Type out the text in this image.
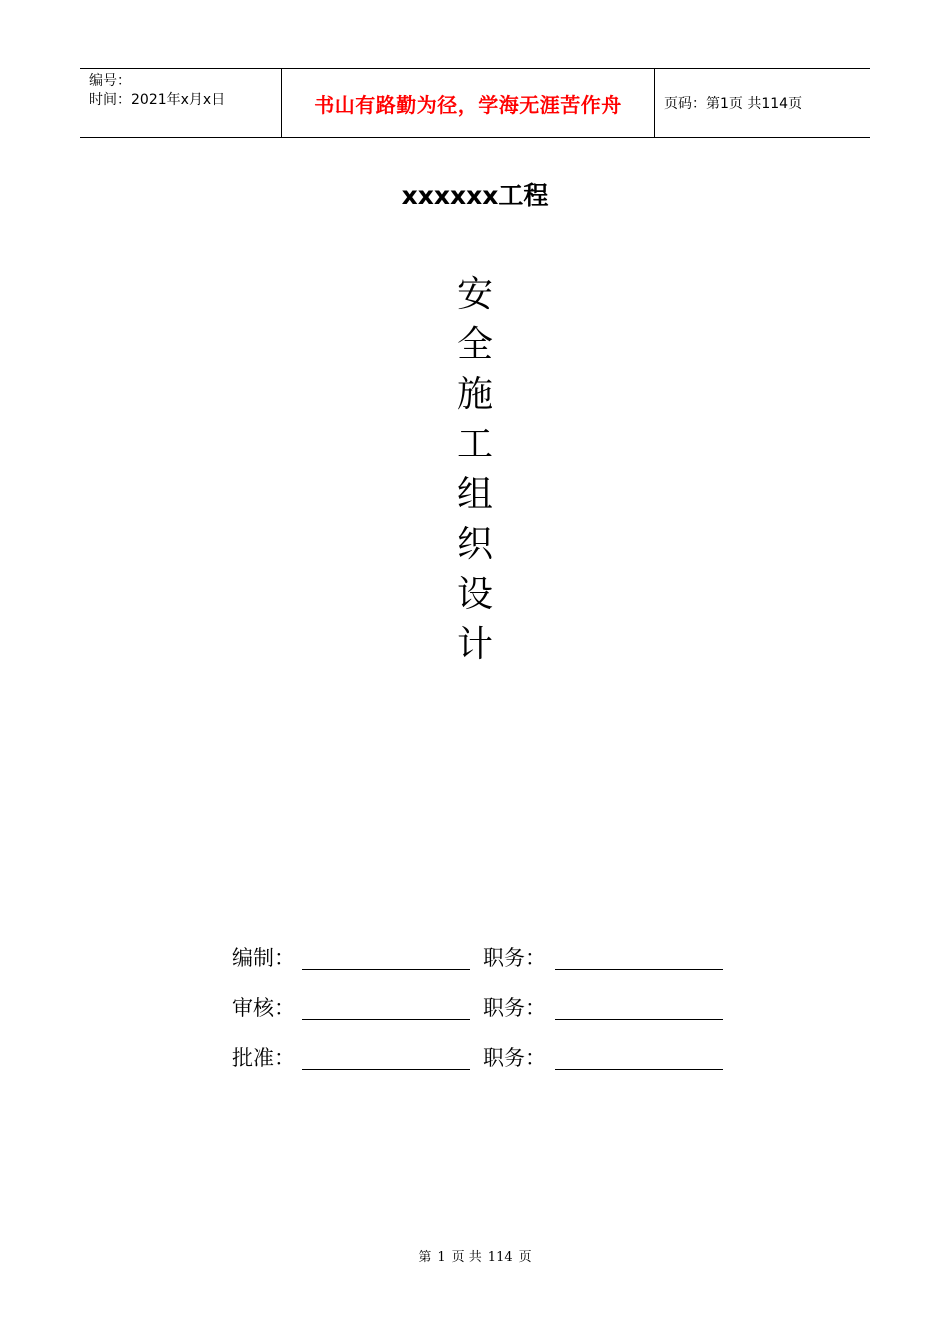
编号：
时间：2021年x月x日	书山有路勤为径，学海无涯苦作舟	页码：第1页 共114页
xxxxxx工程
安
全
施
工
组
织
设
计
编制：	职务：
审核：	职务：
批准：	职务：
第 1 页 共 114 页
